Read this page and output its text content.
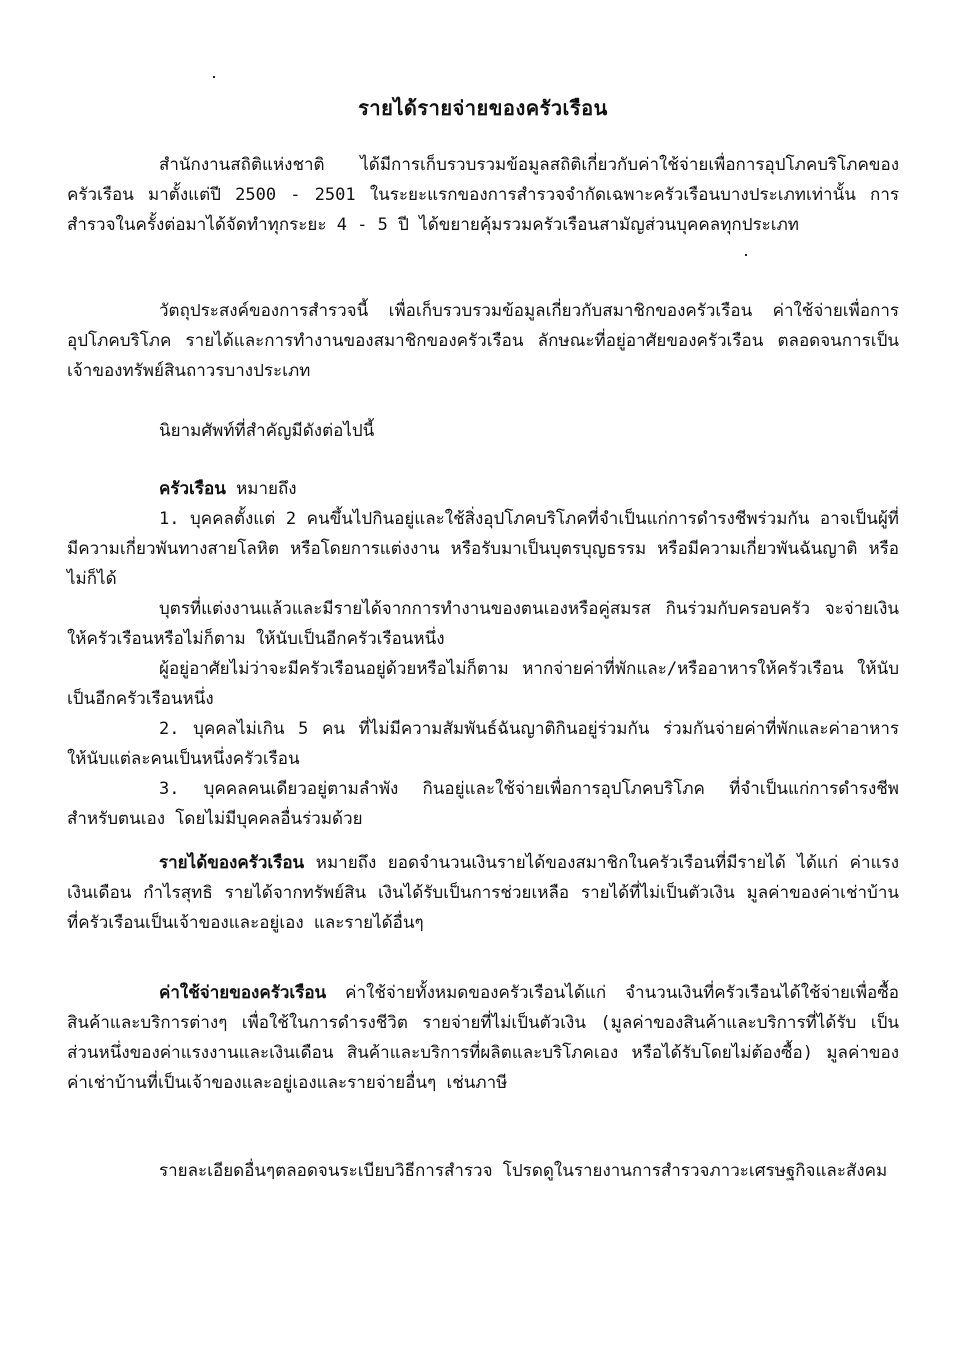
รายได้รายจ่ายของครัวเรือน
สำนักงานสถิติแห่งชาติ ได้มีการเก็บรวบรวมข้อมูลสถิติเกี่ยวกับค่าใช้จ่ายเพื่อการอุปโภคบริโภคของครัวเรือน มาตั้งแต่ปี 2500 - 2501 ในระยะแรกของการสำรวจจำกัดเฉพาะครัวเรือนบางประเภทเท่านั้น การสำรวจในครั้งต่อมาได้จัดทำทุกระยะ 4 - 5 ปี ได้ขยายคุ้มรวมครัวเรือนสามัญส่วนบุคคลทุกประเภท
วัตถุประสงค์ของการสำรวจนี้ เพื่อเก็บรวบรวมข้อมูลเกี่ยวกับสมาชิกของครัวเรือน ค่าใช้จ่ายเพื่อการอุปโภคบริโภค รายได้และการทำงานของสมาชิกของครัวเรือน ลักษณะที่อยู่อาศัยของครัวเรือน ตลอดจนการเป็นเจ้าของทรัพย์สินถาวรบางประเภท
นิยามศัพท์ที่สำคัญมีดังต่อไปนี้

ครัวเรือน หมายถึง

1. บุคคลตั้งแต่ 2 คนขึ้นไปกินอยู่และใช้สิ่งอุปโภคบริโภคที่จำเป็นแก่การดำรงชีพร่วมกัน อาจเป็นผู้ที่มีความเกี่ยวพันทางสายโลหิต หรือโดยการแต่งงาน หรือรับมาเป็นบุตรบุญธรรม หรือมีความเกี่ยวพันฉันญาติ หรือไม่ก็ได้

บุตรที่แต่งงานแล้วและมีรายได้จากการทำงานของตนเองหรือคู่สมรส กินร่วมกับครอบครัว จะจ่ายเงินให้ครัวเรือนหรือไม่ก็ตาม ให้นับเป็นอีกครัวเรือนหนึ่ง

ผู้อยู่อาศัยไม่ว่าจะมีครัวเรือนอยู่ด้วยหรือไม่ก็ตาม หากจ่ายค่าที่พักและ/หรืออาหารให้ครัวเรือน ให้นับเป็นอีกครัวเรือนหนึ่ง

2. บุคคลไม่เกิน 5 คน ที่ไม่มีความสัมพันธ์ฉันญาติกินอยู่ร่วมกัน ร่วมกันจ่ายค่าที่พักและค่าอาหารให้นับแต่ละคนเป็นหนึ่งครัวเรือน

3. บุคคลคนเดียวอยู่ตามลำพัง กินอยู่และใช้จ่ายเพื่อการอุปโภคบริโภค ที่จำเป็นแก่การดำรงชีพสำหรับตนเอง โดยไม่มีบุคคลอื่นร่วมด้วย

รายได้ของครัวเรือน หมายถึง ยอดจำนวนเงินรายได้ของสมาชิกในครัวเรือนที่มีรายได้ ได้แก่ ค่าแรง เงินเดือน กำไรสุทธิ รายได้จากทรัพย์สิน เงินได้รับเป็นการช่วยเหลือ รายได้ที่ไม่เป็นตัวเงิน มูลค่าของค่าเช่าบ้านที่ครัวเรือนเป็นเจ้าของและอยู่เอง และรายได้อื่นๆ
ค่าใช้จ่ายของครัวเรือน ค่าใช้จ่ายทั้งหมดของครัวเรือนได้แก่ จำนวนเงินที่ครัวเรือนได้ใช้จ่ายเพื่อซื้อสินค้าและบริการต่างๆ เพื่อใช้ในการดำรงชีวิต รายจ่ายที่ไม่เป็นตัวเงิน (มูลค่าของสินค้าและบริการที่ได้รับ เป็นส่วนหนึ่งของค่าแรงงานและเงินเดือน สินค้าและบริการที่ผลิตและบริโภคเอง หรือได้รับโดยไม่ต้องซื้อ) มูลค่าของค่าเช่าบ้านที่เป็นเจ้าของและอยู่เองและรายจ่ายอื่นๆ เช่นภาษี
รายละเอียดอื่นๆตลอดจนระเบียบวิธีการสำรวจ โปรดดูในรายงานการสำรวจภาวะเศรษฐกิจและสังคม
